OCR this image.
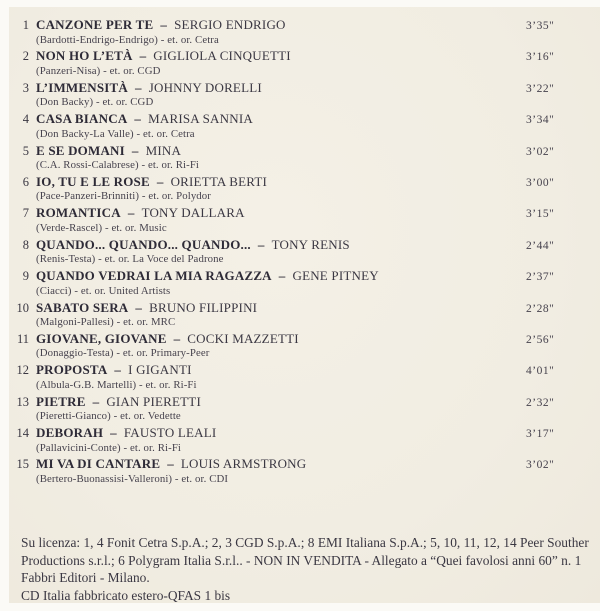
1 CANZONE PER TE – SERGIO ENDRIGO
(Bardotti-Endrigo-Endrigo) - et. or. Cetra
3’35"
2 NON HO L’ETÀ – GIGLIOLA CINQUETTI
(Panzeri-Nisa) - et. or. CGD
3’16"
3 L’IMMENSITÀ – JOHNNY DORELLI
(Don Backy) - et. or. CGD
3’22"
4 CASA BIANCA – MARISA SANNIA
(Don Backy-La Valle) - et. or. Cetra
3’34"
5 E SE DOMANI – MINA
(C.A. Rossi-Calabrese) - et. or. Ri-Fi
3’02"
6 IO, TU E LE ROSE – ORIETTA BERTI
(Pace-Panzeri-Brinniti) - et. or. Polydor
3’00"
7 ROMANTICA – TONY DALLARA
(Verde-Rascel) - et. or. Music
3’15"
8 QUANDO... QUANDO... QUANDO... – TONY RENIS
(Renis-Testa) - et. or. La Voce del Padrone
2’44"
9 QUANDO VEDRAI LA MIA RAGAZZA – GENE PITNEY
(Ciacci) - et. or. United Artists
2’37"
10 SABATO SERA – BRUNO FILIPPINI
(Malgoni-Pallesi) - et. or. MRC
2’28"
11 GIOVANE, GIOVANE – COCKI MAZZETTI
(Donaggio-Testa) - et. or. Primary-Peer
2’56"
12 PROPOSTA – I GIGANTI
(Albula-G.B. Martelli) - et. or. Ri-Fi
4’01"
13 PIETRE – GIAN PIERETTI
(Pieretti-Gianco) - et. or. Vedette
2’32"
14 DEBORAH – FAUSTO LEALI
(Pallavicini-Conte) - et. or. Ri-Fi
3’17"
15 MI VA DI CANTARE – LOUIS ARMSTRONG
(Bertero-Buonassisi-Valleroni) - et. or. CDI
3’02"
Su licenza: 1, 4 Fonit Cetra S.p.A.; 2, 3 CGD S.p.A.; 8 EMI Italiana S.p.A.; 5, 10, 11, 12, 14 Peer Souther
Productions s.r.l.; 6 Polygram Italia S.r.l.. - NON IN VENDITA - Allegato a “Quei favolosi anni 60” n. 1
Fabbri Editori - Milano.
CD Italia fabbricato estero-QFAS 1 bis
